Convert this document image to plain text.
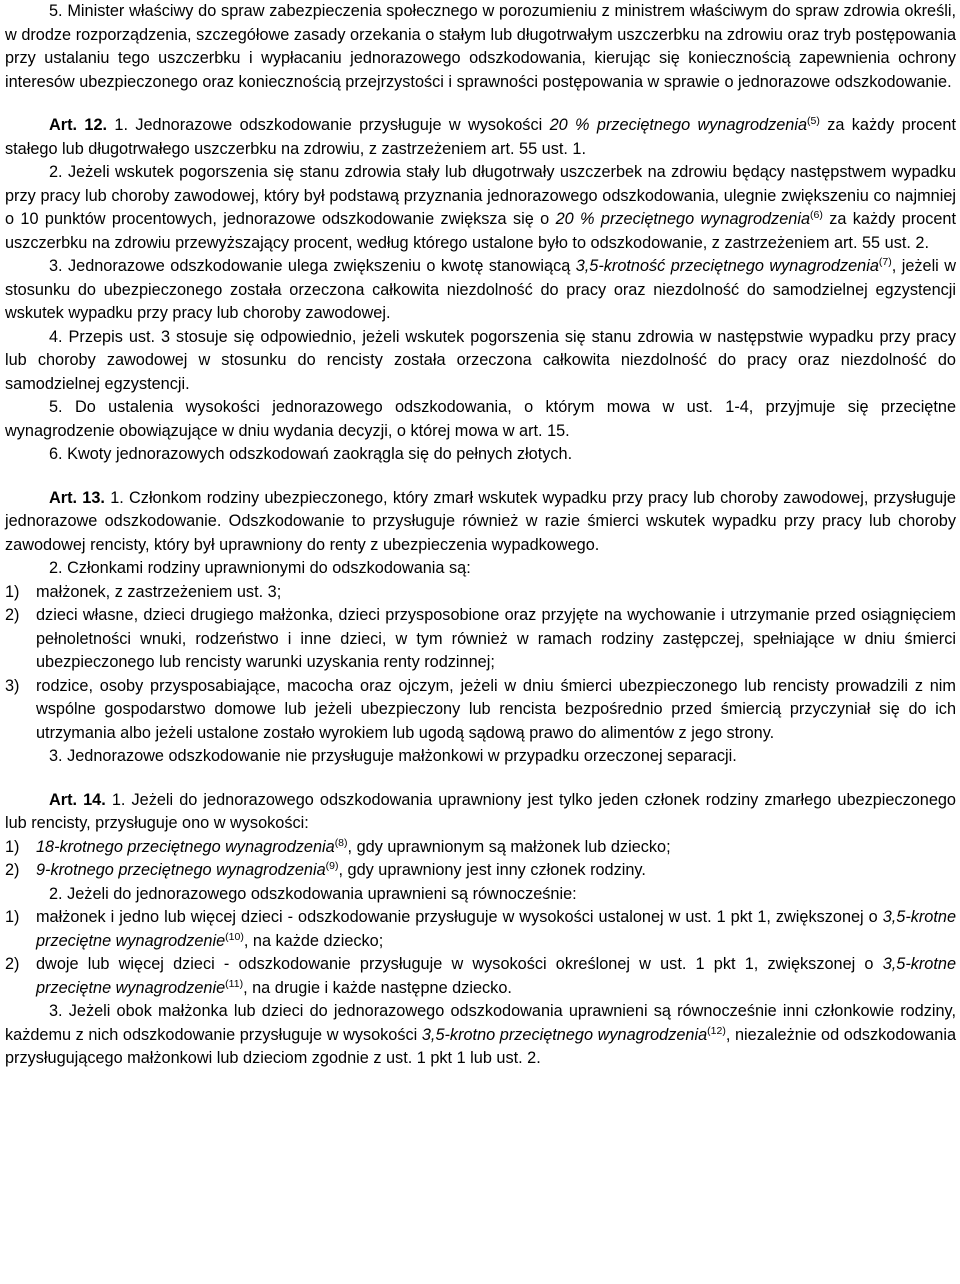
5. Minister właściwy do spraw zabezpieczenia społecznego w porozumieniu z ministrem właściwym do spraw zdrowia określi, w drodze rozporządzenia, szczegółowe zasady orzekania o stałym lub długotrwałym uszczerbku na zdrowiu oraz tryb postępowania przy ustalaniu tego uszczerbku i wypłacaniu jednorazowego odszkodowania, kierując się koniecznością zapewnienia ochrony interesów ubezpieczonego oraz koniecznością przejrzystości i sprawności postępowania w sprawie o jednorazowe odszkodowanie.

Art. 12. 1. Jednorazowe odszkodowanie przysługuje w wysokości 20 % przeciętnego wynagrodzenia$^{(5)}$ za każdy procent stałego lub długotrwałego uszczerbku na zdrowiu, z zastrzeżeniem art. 55 ust. 1.

2. Jeżeli wskutek pogorszenia się stanu zdrowia stały lub długotrwały uszczerbek na zdrowiu będący następstwem wypadku przy pracy lub choroby zawodowej, który był podstawą przyznania jednorazowego odszkodowania, ulegnie zwiększeniu co najmniej o 10 punktów procentowych, jednorazowe odszkodowanie zwiększa się o 20 % przeciętnego wynagrodzenia$^{(6)}$ za każdy procent uszczerbku na zdrowiu przewyższający procent, według którego ustalone było to odszkodowanie, z zastrzeżeniem art. 55 ust. 2.

3. Jednorazowe odszkodowanie ulega zwiększeniu o kwotę stanowiącą 3,5-krotność przeciętnego wynagrodzenia$^{(7)}$, jeżeli w stosunku do ubezpieczonego została orzeczona całkowita niezdolność do pracy oraz niezdolność do samodzielnej egzystencji wskutek wypadku przy pracy lub choroby zawodowej.

4. Przepis ust. 3 stosuje się odpowiednio, jeżeli wskutek pogorszenia się stanu zdrowia w następstwie wypadku przy pracy lub choroby zawodowej w stosunku do rencisty została orzeczona całkowita niezdolność do pracy oraz niezdolność do samodzielnej egzystencji.

5. Do ustalenia wysokości jednorazowego odszkodowania, o którym mowa w ust. 1-4, przyjmuje się przeciętne wynagrodzenie obowiązujące w dniu wydania decyzji, o której mowa w art. 15.

6. Kwoty jednorazowych odszkodowań zaokrągla się do pełnych złotych.

Art. 13. 1. Członkom rodziny ubezpieczonego, który zmarł wskutek wypadku przy pracy lub choroby zawodowej, przysługuje jednorazowe odszkodowanie. Odszkodowanie to przysługuje również w razie śmierci wskutek wypadku przy pracy lub choroby zawodowej rencisty, który był uprawniony do renty z ubezpieczenia wypadkowego.

2. Członkami rodziny uprawnionymi do odszkodowania są:

1)	małżonek, z zastrzeżeniem ust. 3;
2)	dzieci własne, dzieci drugiego małżonka, dzieci przysposobione oraz przyjęte na wychowanie i utrzymanie przed osiągnięciem pełnoletności wnuki, rodzeństwo i inne dzieci, w tym również w ramach rodziny zastępczej, spełniające w dniu śmierci ubezpieczonego lub rencisty warunki uzyskania renty rodzinnej;
3)	rodzice, osoby przysposabiające, macocha oraz ojczym, jeżeli w dniu śmierci ubezpieczonego lub rencisty prowadzili z nim wspólne gospodarstwo domowe lub jeżeli ubezpieczony lub rencista bezpośrednio przed śmiercią przyczyniał się do ich utrzymania albo jeżeli ustalone zostało wyrokiem lub ugodą sądową prawo do alimentów z jego strony.

3. Jednorazowe odszkodowanie nie przysługuje małżonkowi w przypadku orzeczonej separacji.

Art. 14. 1. Jeżeli do jednorazowego odszkodowania uprawniony jest tylko jeden członek rodziny zmarłego ubezpieczonego lub rencisty, przysługuje ono w wysokości:

1)	18-krotnego przeciętnego wynagrodzenia$^{(8)}$, gdy uprawnionym są małżonek lub dziecko;
2)	9-krotnego przeciętnego wynagrodzenia$^{(9)}$, gdy uprawniony jest inny członek rodziny.

2. Jeżeli do jednorazowego odszkodowania uprawnieni są równocześnie:

1)	małżonek i jedno lub więcej dzieci - odszkodowanie przysługuje w wysokości ustalonej w ust. 1 pkt 1, zwiększonej o 3,5-krotne przeciętne wynagrodzenie$^{(10)}$, na każde dziecko;
2)	dwoje lub więcej dzieci - odszkodowanie przysługuje w wysokości określonej w ust. 1 pkt 1, zwiększonej o 3,5-krotne przeciętne wynagrodzenie$^{(11)}$, na drugie i każde następne dziecko.

3. Jeżeli obok małżonka lub dzieci do jednorazowego odszkodowania uprawnieni są równocześnie inni członkowie rodziny, każdemu z nich odszkodowanie przysługuje w wysokości 3,5-krotno przeciętnego wynagrodzenia$^{(12)}$, niezależnie od odszkodowania przysługującego małżonkowi lub dzieciom zgodnie z ust. 1 pkt 1 lub ust. 2.
